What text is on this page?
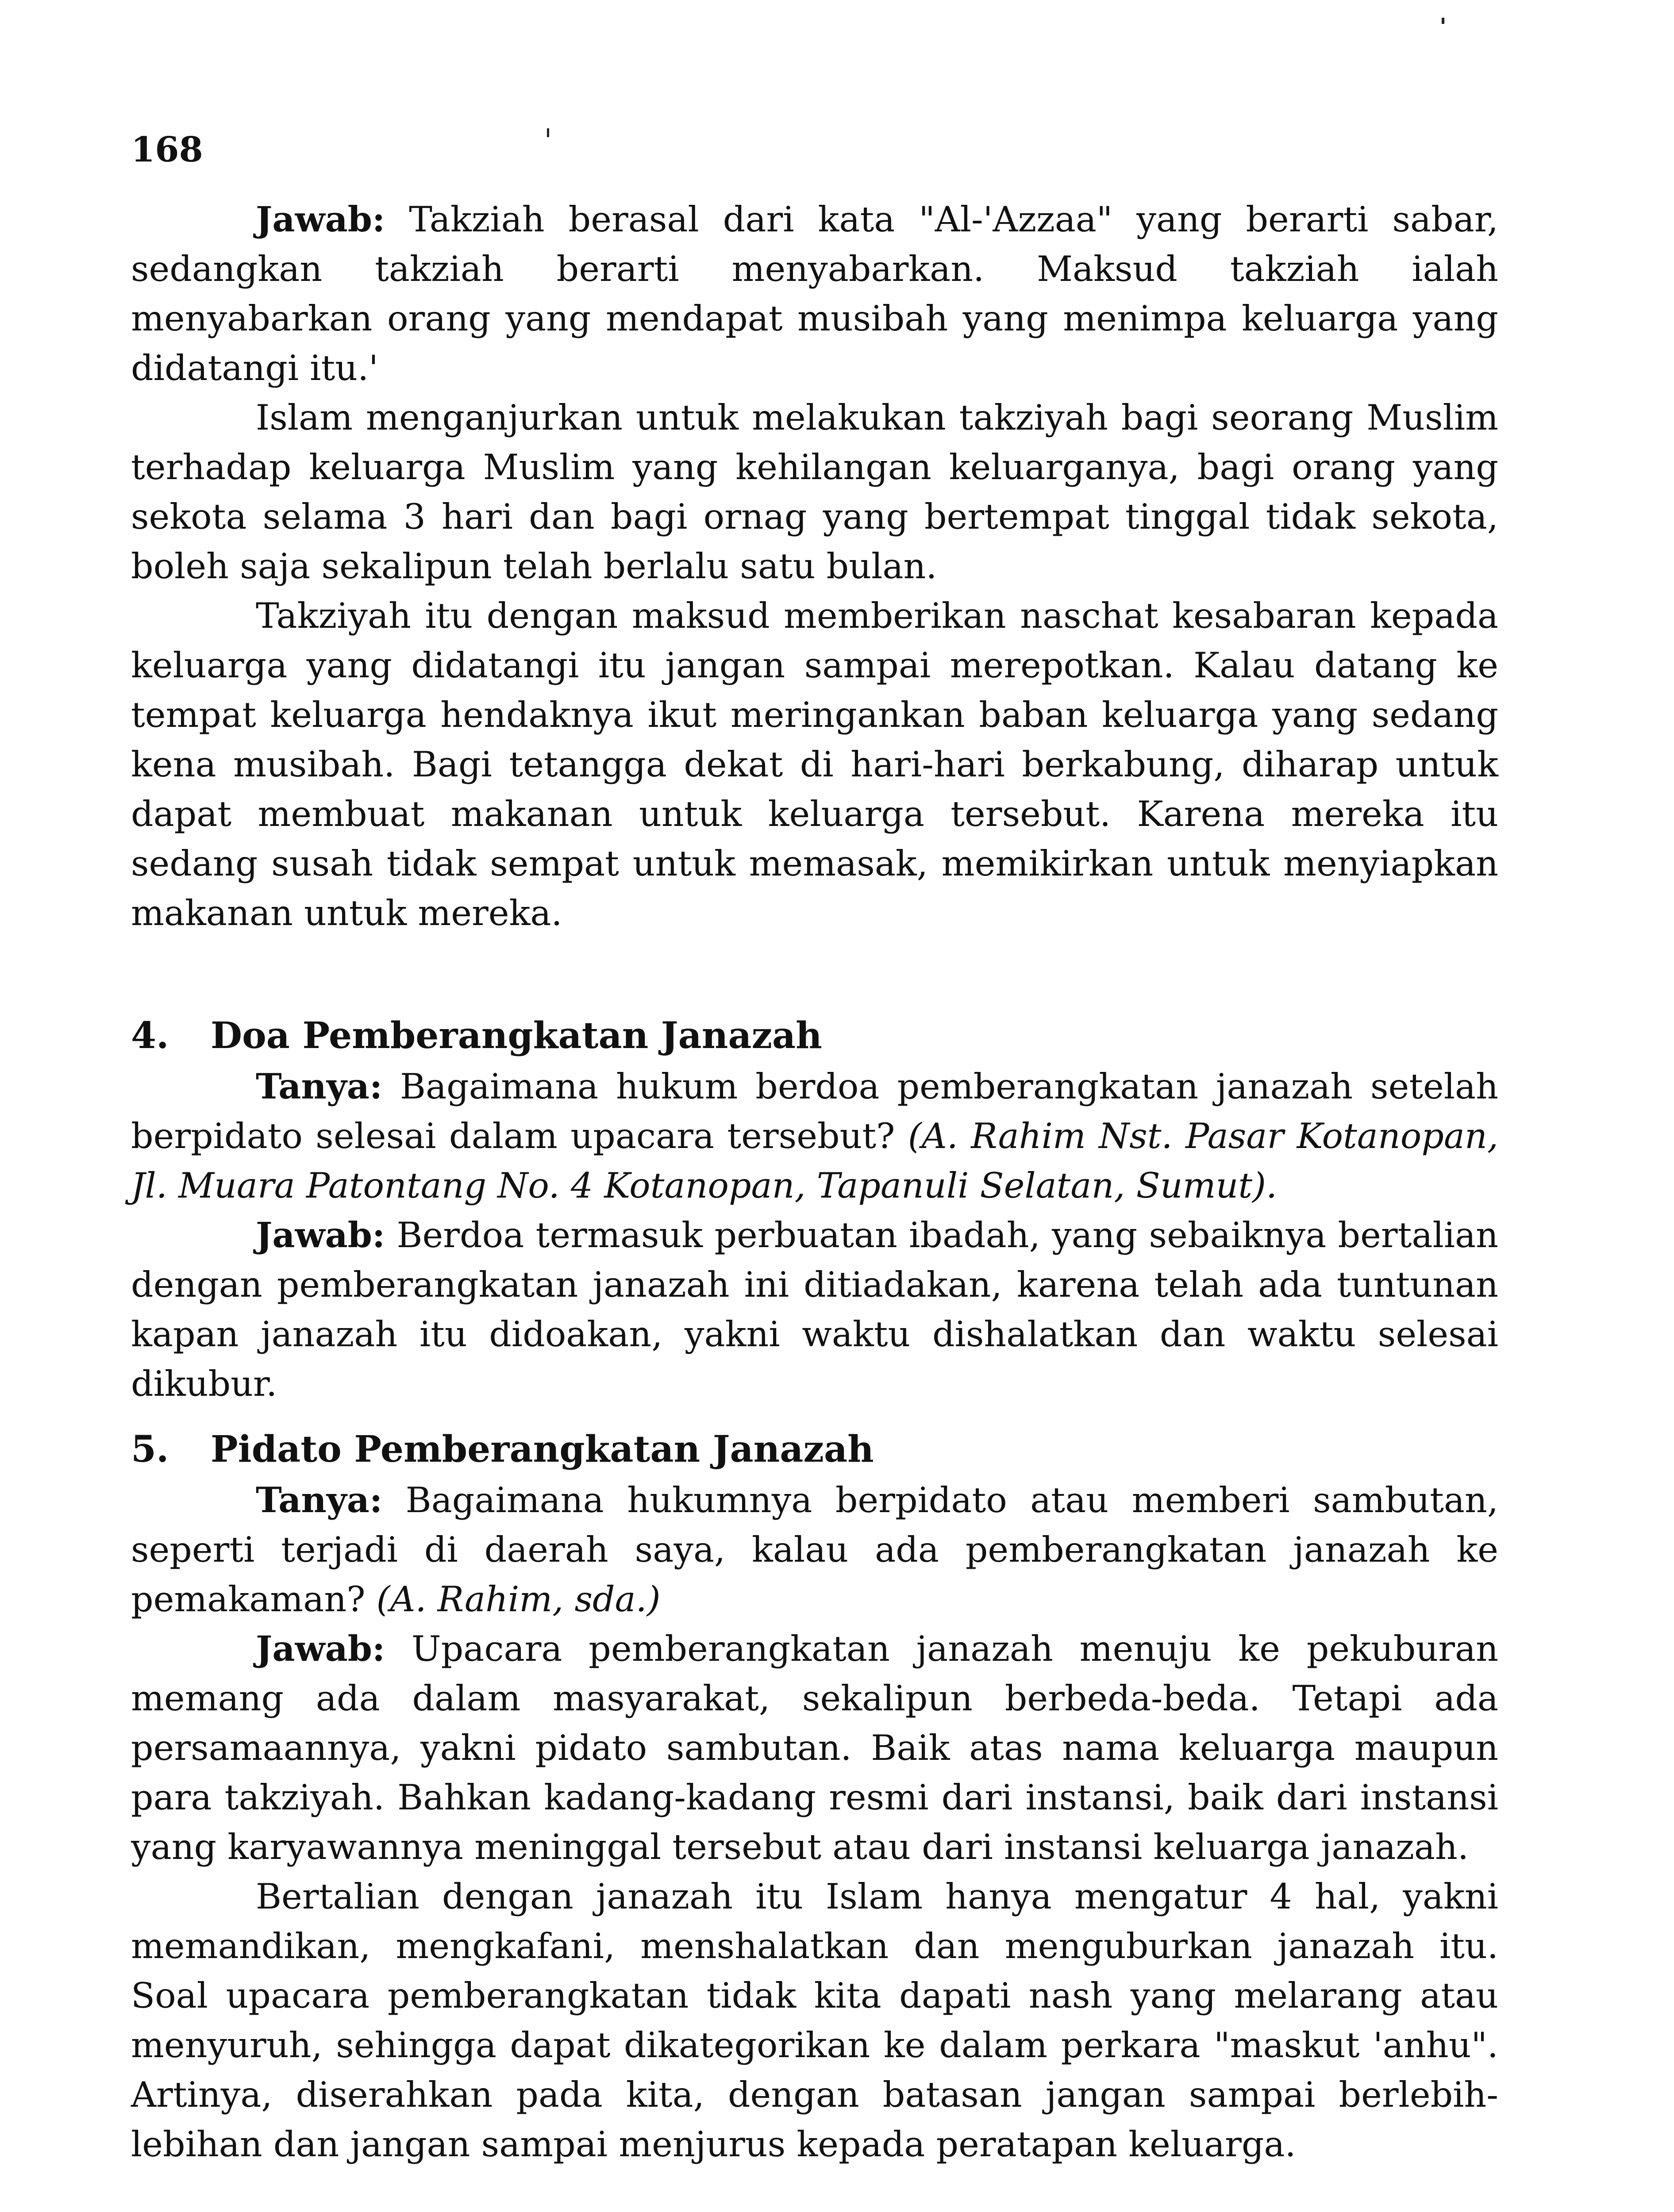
168

Jawab: Takziah berasal dari kata "Al-'Azzaa" yang berarti sabar, sedangkan takziah berarti menyabarkan. Maksud takziah ialah menyabarkan orang yang mendapat musibah yang menimpa keluarga yang didatangi itu.'

Islam menganjurkan untuk melakukan takziyah bagi seorang Muslim terhadap keluarga Muslim yang kehilangan keluarganya, bagi orang yang sekota selama 3 hari dan bagi ornag yang bertempat tinggal tidak sekota, boleh saja sekalipun telah berlalu satu bulan.

Takziyah itu dengan maksud memberikan naschat kesabaran kepada keluarga yang didatangi itu jangan sampai merepotkan. Kalau datang ke tempat keluarga hendaknya ikut meringankan baban keluarga yang sedang kena musibah. Bagi tetangga dekat di hari-hari berkabung, diharap untuk dapat membuat makanan untuk keluarga tersebut. Karena mereka itu sedang susah tidak sempat untuk memasak, memikirkan untuk menyiapkan makanan untuk mereka.

4. Doa Pemberangkatan Janazah

Tanya: Bagaimana hukum berdoa pemberangkatan janazah setelah berpidato selesai dalam upacara tersebut? (A. Rahim Nst. Pasar Kotanopan, Jl. Muara Patontang No. 4 Kotanopan, Tapanuli Selatan, Sumut).

Jawab: Berdoa termasuk perbuatan ibadah, yang sebaiknya bertalian dengan pemberangkatan janazah ini ditiadakan, karena telah ada tuntunan kapan janazah itu didoakan, yakni waktu dishalatkan dan waktu selesai dikubur.

5. Pidato Pemberangkatan Janazah

Tanya: Bagaimana hukumnya berpidato atau memberi sambutan, seperti terjadi di daerah saya, kalau ada pemberangkatan janazah ke pemakaman? (A. Rahim, sda.)

Jawab: Upacara pemberangkatan janazah menuju ke pekuburan memang ada dalam masyarakat, sekalipun berbeda-beda. Tetapi ada persamaannya, yakni pidato sambutan. Baik atas nama keluarga maupun para takziyah. Bahkan kadang-kadang resmi dari instansi, baik dari instansi yang karyawannya meninggal tersebut atau dari instansi keluarga janazah.

Bertalian dengan janazah itu Islam hanya mengatur 4 hal, yakni memandikan, mengkafani, menshalatkan dan menguburkan janazah itu. Soal upacara pemberangkatan tidak kita dapati nash yang melarang atau menyuruh, sehingga dapat dikategorikan ke dalam perkara "maskut 'anhu". Artinya, diserahkan pada kita, dengan batasan jangan sampai berlebih-lebihan dan jangan sampai menjurus kepada peratapan keluarga.
